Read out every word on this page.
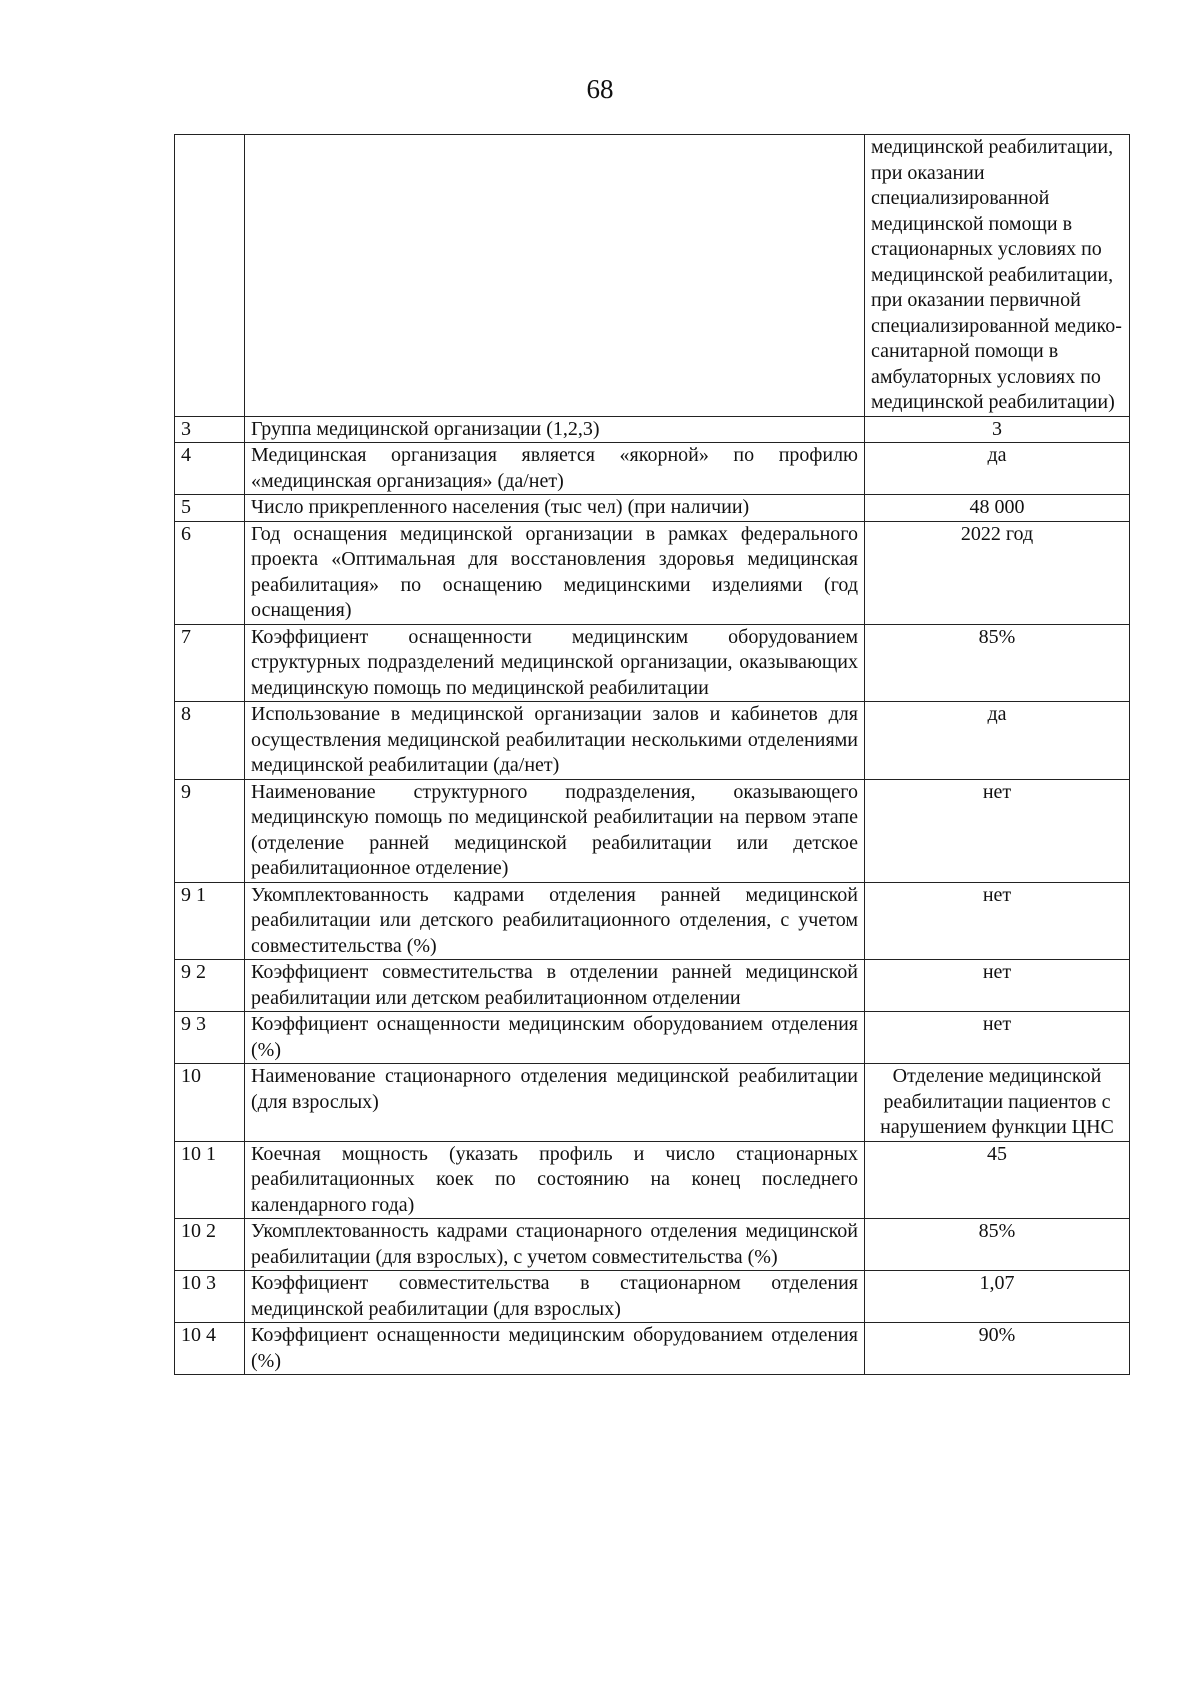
68
		медицинской реабилитации, при оказании специализированной медицинской помощи в стационарных условиях по медицинской реабилитации, при оказании первичной специализированной медико-санитарной помощи в амбулаторных условиях по медицинской реабилитации)
3	Группа медицинской организации (1,2,3)	3
4	Медицинская организация является «якорной» по профилю «медицинская организация» (да/нет)	да
5	Число прикрепленного населения (тыс чел) (при наличии)	48 000
6	Год оснащения медицинской организации в рамках федерального проекта «Оптимальная для восстановления здоровья медицинская реабилитация» по оснащению медицинскими изделиями (год оснащения)	2022 год
7	Коэффициент оснащенности медицинским оборудованием структурных подразделений медицинской организации, оказывающих медицинскую помощь по медицинской реабилитации	85%
8	Использование в медицинской организации залов и кабинетов для осуществления медицинской реабилитации несколькими отделениями медицинской реабилитации (да/нет)	да
9	Наименование структурного подразделения, оказывающего медицинскую помощь по медицинской реабилитации на первом этапе (отделение ранней медицинской реабилитации или детское реабилитационное отделение)	нет
9 1	Укомплектованность кадрами отделения ранней медицинской реабилитации или детского реабилитационного отделения, с учетом совместительства (%)	нет
9 2	Коэффициент совместительства в отделении ранней медицинской реабилитации или детском реабилитационном отделении	нет
9 3	Коэффициент оснащенности медицинским оборудованием отделения (%)	нет
10	Наименование стационарного отделения медицинской реабилитации (для взрослых)	Отделение медицинской реабилитации пациентов с нарушением функции ЦНС
10 1	Коечная мощность (указать профиль и число стационарных реабилитационных коек по состоянию на конец последнего календарного года)	45
10 2	Укомплектованность кадрами стационарного отделения медицинской реабилитации (для взрослых), с учетом совместительства (%)	85%
10 3	Коэффициент совместительства в стационарном отделения медицинской реабилитации (для взрослых)	1,07
10 4	Коэффициент оснащенности медицинским оборудованием отделения (%)	90%
